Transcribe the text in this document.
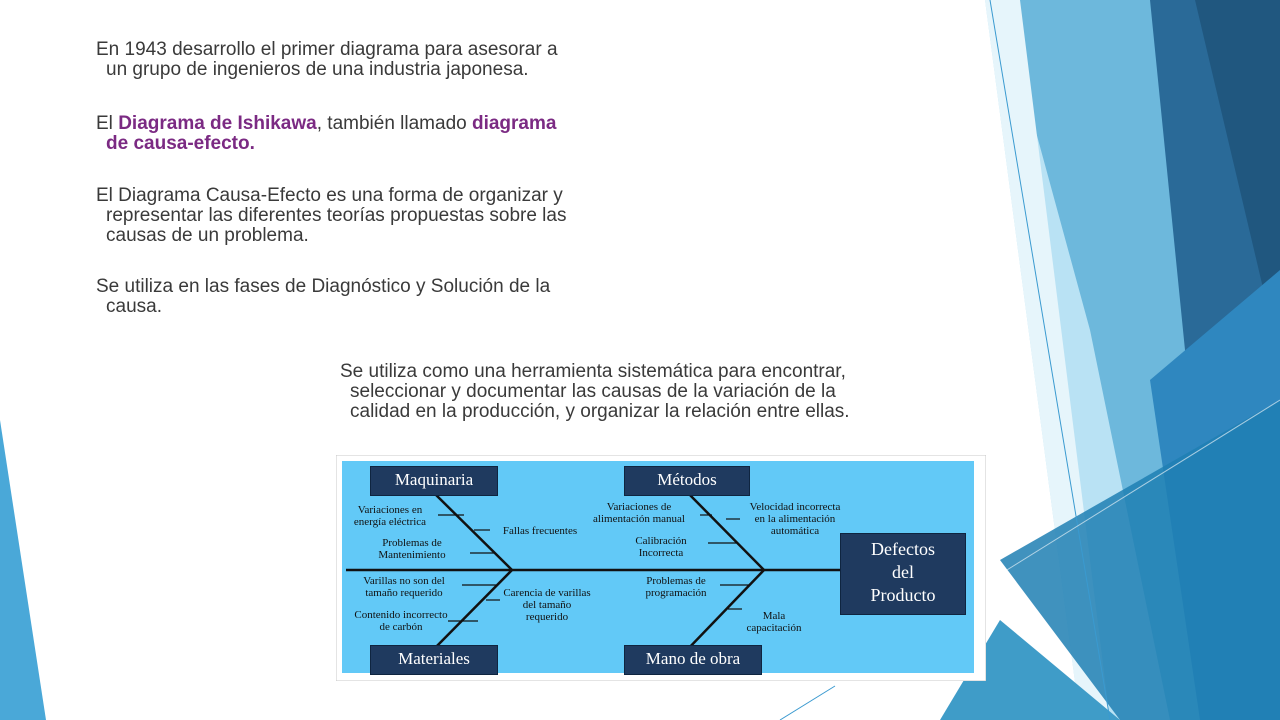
En 1943 desarrollo el primer diagrama para asesorar a
un grupo de ingenieros de una industria japonesa.

El Diagrama de Ishikawa, también llamado diagrama
de causa-efecto.

El Diagrama Causa-Efecto es una forma de organizar y
representar las diferentes teorías propuestas sobre las
causas de un problema.

Se utiliza en las fases de Diagnóstico y Solución de la
causa.

Se utiliza como una herramienta sistemática para encontrar,
seleccionar y documentar las causas de la variación de la
calidad en la producción, y organizar la relación entre ellas.

Maquinaria	Métodos
Materiales	Mano de obra
Defectos
del
Producto
Variaciones en
energía eléctrica
Fallas frecuentes
Problemas de
Mantenimiento
Variaciones de
alimentación manual
Velocidad incorrecta
en la alimentación
automática
Calibración
Incorrecta
Varillas no son del
tamaño requerido	Carencia de varillas
del tamaño
requerido
Contenido incorrecto
de carbón
Problemas de
programación
Mala
capacitación
